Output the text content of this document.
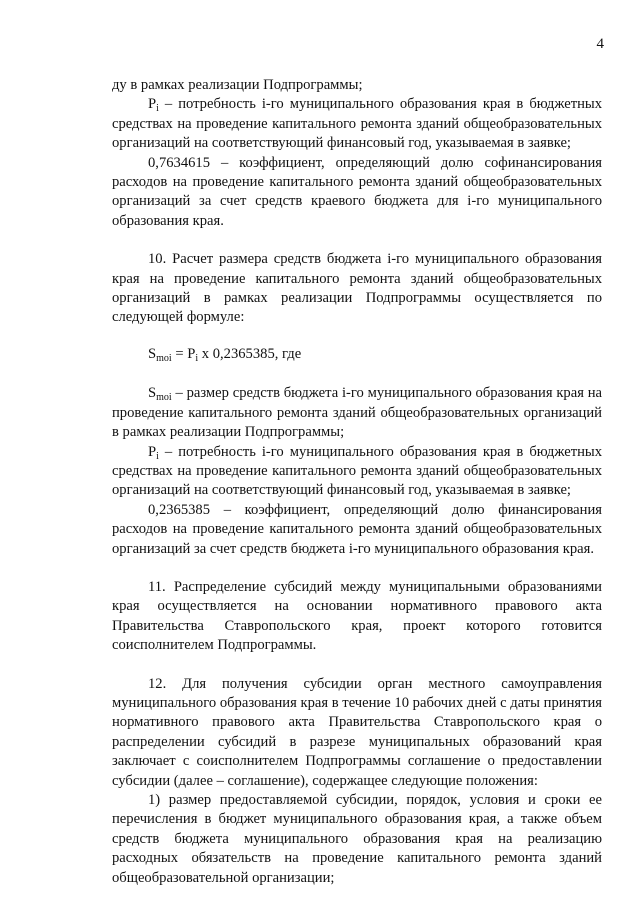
4

ду в рамках реализации Подпрограммы;

$P_i$ – потребность i-го муниципального образования края в бюджетных средствах на проведение капитального ремонта зданий общеобразовательных организаций на соответствующий финансовый год, указываемая в заявке;

0,7634615 – коэффициент, определяющий долю софинансирования расходов на проведение капитального ремонта зданий общеобразовательных организаций за счет средств краевого бюджета для i-го муниципального образования края.

10. Расчет размера средств бюджета i-го муниципального образования края на проведение капитального ремонта зданий общеобразовательных организаций в рамках реализации Подпрограммы осуществляется по следующей формуле:

$S_{moi} = P_i$ x 0,2365385, где

$S_{moi}$ – размер средств бюджета i-го муниципального образования края на проведение капитального ремонта зданий общеобразовательных организаций в рамках реализации Подпрограммы;

$P_i$ – потребность i-го муниципального образования края в бюджетных средствах на проведение капитального ремонта зданий общеобразовательных организаций на соответствующий финансовый год, указываемая в заявке;

0,2365385 – коэффициент, определяющий долю финансирования расходов на проведение капитального ремонта зданий общеобразовательных организаций за счет средств бюджета i-го муниципального образования края.

11. Распределение субсидий между муниципальными образованиями края осуществляется на основании нормативного правового акта Правительства Ставропольского края, проект которого готовится соисполнителем Подпрограммы.

12. Для получения субсидии орган местного самоуправления муниципального образования края в течение 10 рабочих дней с даты принятия нормативного правового акта Правительства Ставропольского края о распределении субсидий в разрезе муниципальных образований края заключает с соисполнителем Подпрограммы соглашение о предоставлении субсидии (далее – соглашение), содержащее следующие положения:

1) размер предоставляемой субсидии, порядок, условия и сроки ее перечисления в бюджет муниципального образования края, а также объем средств бюджета муниципального образования края на реализацию расходных обязательств на проведение капитального ремонта зданий общеобразовательной организации;
